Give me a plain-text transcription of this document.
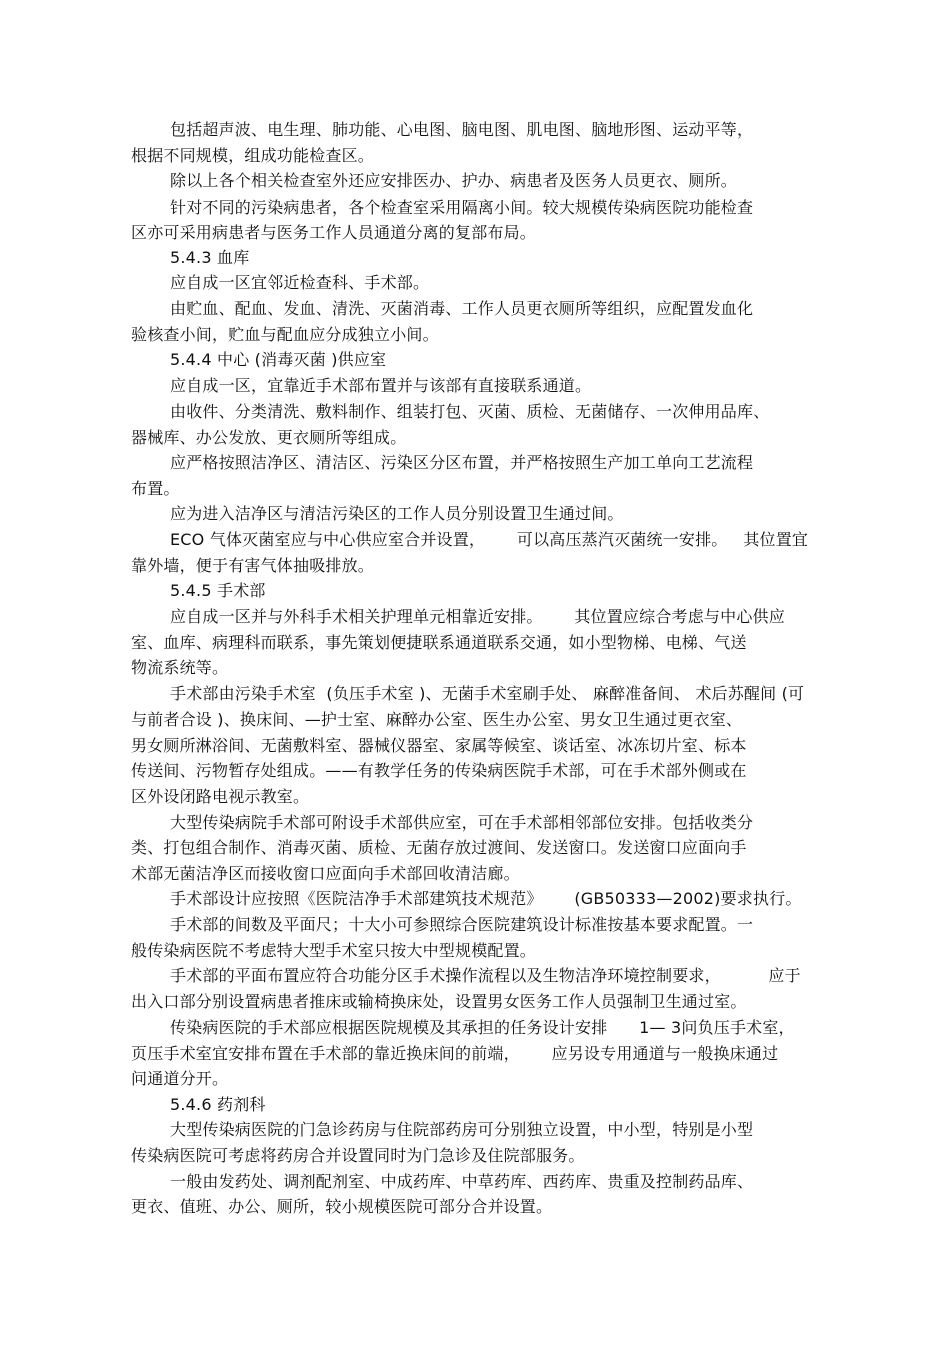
包括超声波、电生理、肺功能、心电图、脑电图、肌电图、脑地形图、运动平等，
根据不同规模，组成功能检查区。
除以上各个相关检查室外还应安排医办、护办、病患者及医务人员更衣、厕所。
针对不同的污染病患者，各个检查室采用隔离小间。较大规模传染病医院功能检查
区亦可采用病患者与医务工作人员通道分离的复部布局。
5.4.3 血库
应自成一区宜邻近检查科、手术部。
由贮血、配血、发血、清洗、灭菌消毒、工作人员更衣厕所等组织，应配置发血化
验核查小间，贮血与配血应分成独立小间。
5.4.4 中心 (消毒灭菌 )供应室
应自成一区，宜靠近手术部布置并与该部有直接联系通道。
由收件、分类清洗、敷料制作、组装打包、灭菌、质检、无菌储存、一次伸用品库、
器械库、办公发放、更衣厕所等组成。
应严格按照洁净区、清洁区、污染区分区布置，并严格按照生产加工单向工艺流程
布置。
应为进入洁净区与清洁污染区的工作人员分别设置卫生通过间。
ECO 气体灭菌室应与中心供应室合并设置，      可以高压蒸汽灭菌统一安排。   其位置宜
靠外墙，便于有害气体抽吸排放。
5.4.5 手术部
应自成一区并与外科手术相关护理单元相靠近安排。      其位置应综合考虑与中心供应
室、血库、病理科而联系，事先策划便捷联系通道联系交通，如小型物梯、电梯、气送
物流系统等。
手术部由污染手术室  (负压手术室 )、无菌手术室刷手处、 麻醉准备间、 术后苏醒间 (可
与前者合设 )、换床间、—护士室、麻醉办公室、医生办公室、男女卫生通过更衣室、
男女厕所淋浴间、无菌敷料室、器械仪器室、家属等候室、谈话室、冰冻切片室、标本
传送间、污物暂存处组成。——有教学任务的传染病医院手术部，可在手术部外侧或在
区外设闭路电视示教室。
大型传染病院手术部可附设手术部供应室，可在手术部相邻部位安排。包括收类分
类、打包组合制作、消毒灭菌、质检、无菌存放过渡间、发送窗口。发送窗口应面向手
术部无菌洁净区而接收窗口应面向手术部回收清洁廊。
手术部设计应按照《医院洁净手术部建筑技术规范》      (GB50333—2002)要求执行。
手术部的间数及平面尺；十大小可参照综合医院建筑设计标准按基本要求配置。一
般传染病医院不考虑特大型手术室只按大中型规模配置。
手术部的平面布置应符合功能分区手术操作流程以及生物洁净环境控制要求，         应于
出入口部分别设置病患者推床或输椅换床处，设置男女医务工作人员强制卫生通过室。
传染病医院的手术部应根据医院规模及其承担的任务设计安排      1— 3问负压手术室，
页压手术室宜安排布置在手术部的靠近换床间的前端，      应另设专用通道与一般换床通过
问通道分开。
5.4.6 药剂科
大型传染病医院的门急诊药房与住院部药房可分别独立设置，中小型，特别是小型
传染病医院可考虑将药房合并设置同时为门急诊及住院部服务。
一般由发药处、调剂配剂室、中成药库、中草药库、西药库、贵重及控制药品库、
更衣、值班、办公、厕所，较小规模医院可部分合并设置。
